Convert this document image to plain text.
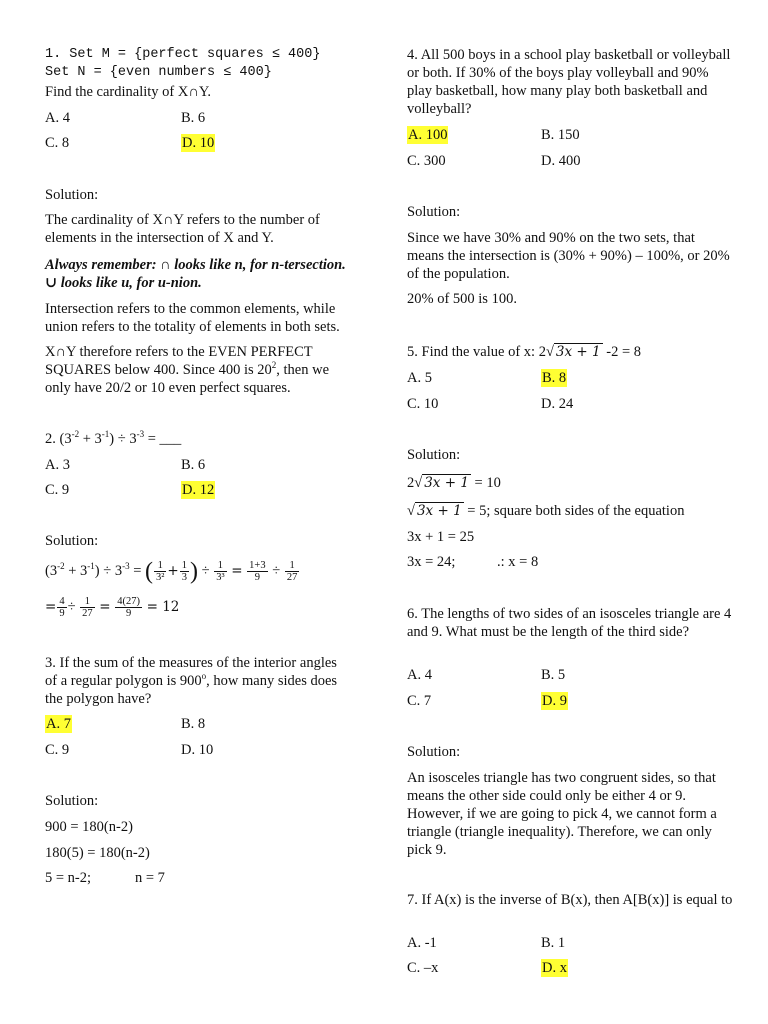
1. Set M = {perfect squares ≤ 400}
Set N = {even numbers ≤ 400}
Find the cardinality of X∩Y.
A. 4	B. 6
C. 8	D. 10
Solution:
The cardinality of X∩Y refers to the number of elements in the intersection of X and Y.
Always remember: ∩ looks like n, for n-tersection.
∪ looks like u, for u-nion.
Intersection refers to the common elements, while union refers to the totality of elements in both sets.
X∩Y therefore refers to the EVEN PERFECT
SQUARES below 400. Since 400 is $20^2$, then we
only have 20/2 or 10 even perfect squares.
2. $(3^{-2} + 3^{-1}) \div 3^{-3}$ = ___
A. 3	B. 6
C. 9	D. 12
Solution:
$(3^{-2} + 3^{-1}) \div 3^{-3}$ = ( $\frac{1}{\text{3²}} + \frac{1}{3}$ ) ÷ $\frac{1}{\text{3³}} = \frac{1+3}{9} \div \frac{1}{27}$
= $\frac{4}{9} \div \frac{1}{27} = \frac{4(27)}{9} = 12$
3. If the sum of the measures of the interior angles
of a regular polygon is 900$^o$, how many sides does
the polygon have?
A. 7	B. 8
C. 9	D. 10
Solution:
900 = 180(n-2)
180(5) = 180(n-2)
5 = n-2;	n = 7
4. All 500 boys in a school play basketball or volleyball or both. If 30% of the boys play volleyball and 90% play basketball, how many play both basketball and volleyball?
A. 100	B. 150
C. 300	D. 400
Solution:
Since we have 30% and 90% on the two sets, that means the intersection is (30% + 90%) – 100%, or 20% of the population.
20% of 500 is 100.
5. Find the value of x: 2√ 3x + 1 -2 = 8
A. 5	B. 8
C. 10	D. 24
Solution:
2√ 3x + 1 = 10
√ 3x + 1 = 5; square both sides of the equation
3x + 1 = 25
3x = 24;	.: x = 8
6. The lengths of two sides of an isosceles triangle are 4 and 9. What must be the length of the third side?
A. 4	B. 5
C. 7	D. 9
Solution:
An isosceles triangle has two congruent sides, so that means the other side could only be either 4 or 9. However, if we are going to pick 4, we cannot form a triangle (triangle inequality). Therefore, we can only pick 9.
7. If A(x) is the inverse of B(x), then A[B(x)] is equal to
A. -1	B. 1
C. –x	D. x
